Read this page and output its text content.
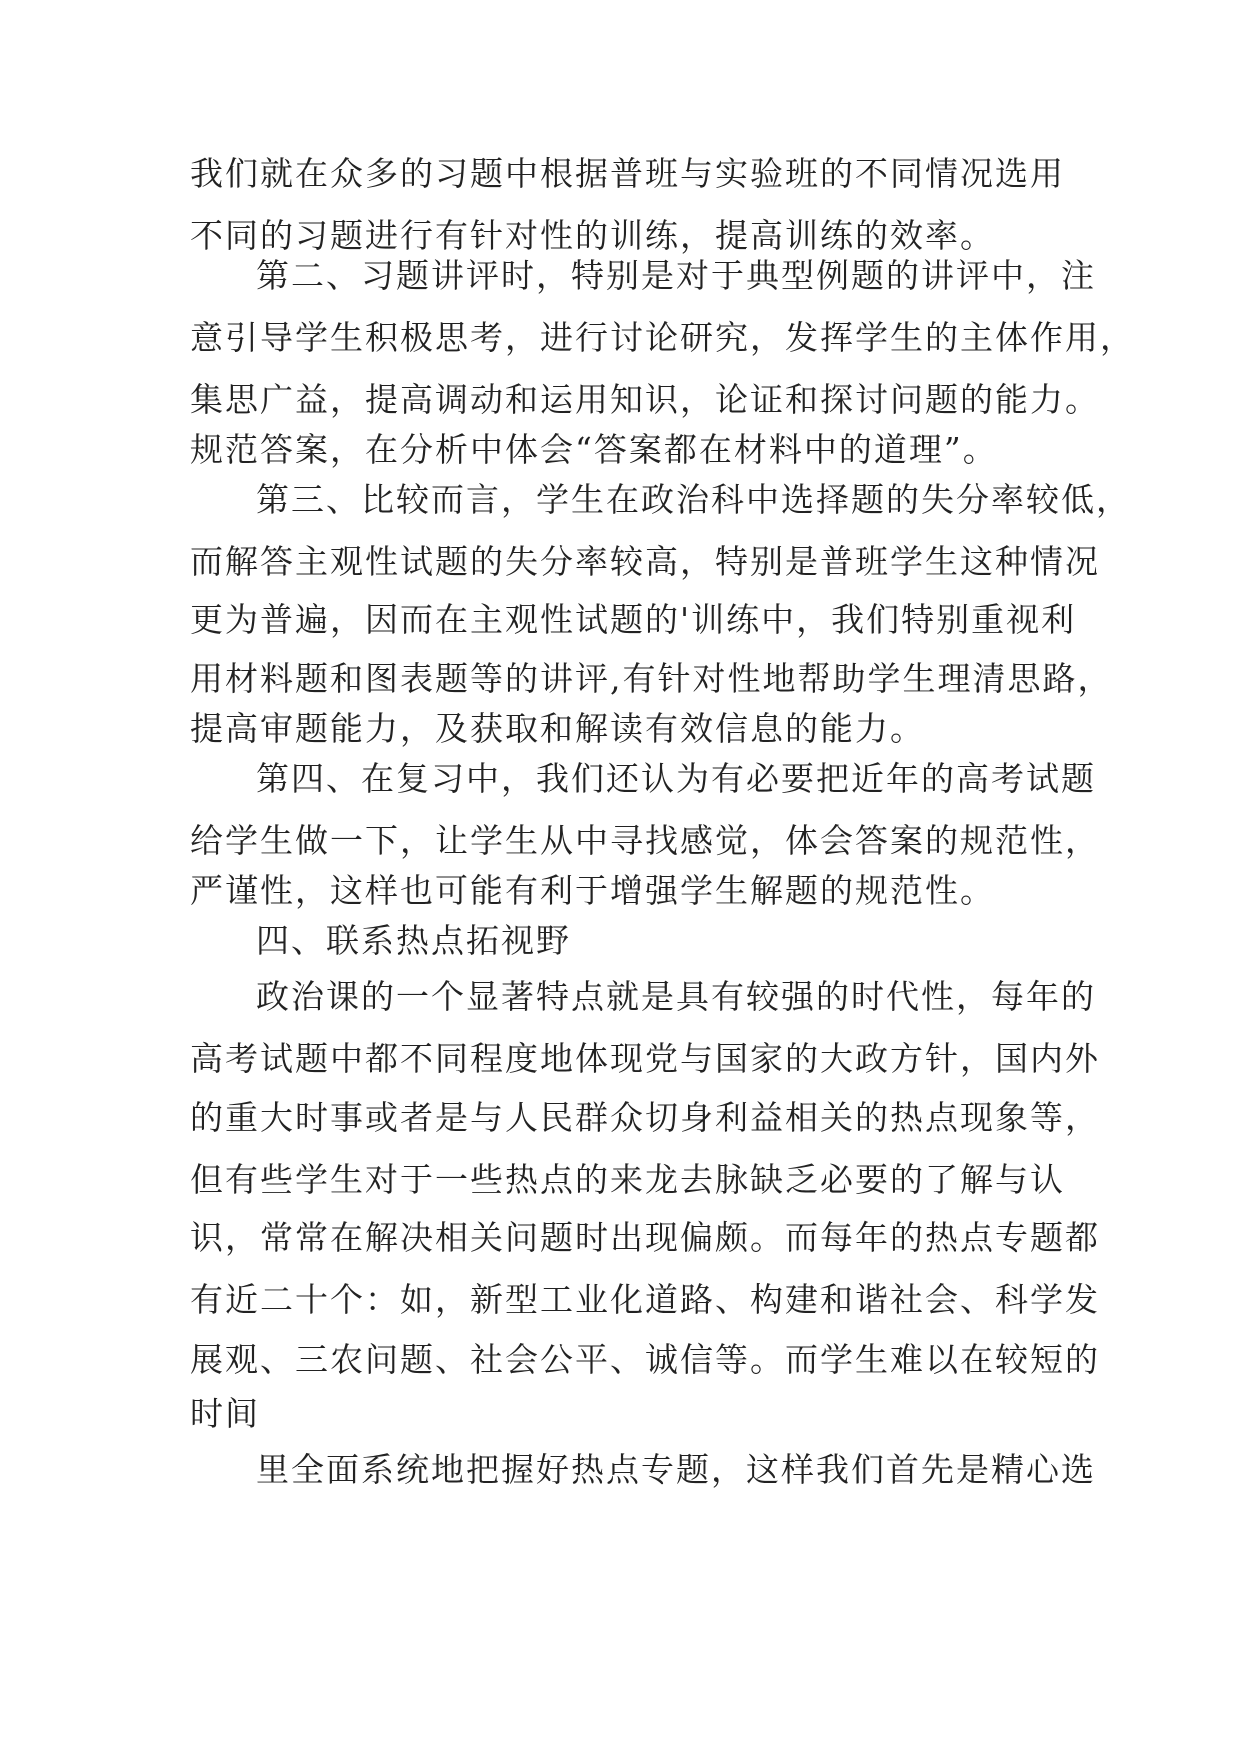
我们就在众多的习题中根据普班与实验班的不同情况选用
不同的习题进行有针对性的训练，提高训练的效率。
第二、习题讲评时，特别是对于典型例题的讲评中，注
意引导学生积极思考，进行讨论研究，发挥学生的主体作用，
集思广益，提高调动和运用知识，论证和探讨问题的能力。
规范答案，在分析中体会“答案都在材料中的道理”。
第三、比较而言，学生在政治科中选择题的失分率较低，
而解答主观性试题的失分率较高，特别是普班学生这种情况
更为普遍，因而在主观性试题的'训练中，我们特别重视利
用材料题和图表题等的讲评,有针对性地帮助学生理清思路，
提高审题能力，及获取和解读有效信息的能力。
第四、在复习中，我们还认为有必要把近年的高考试题
给学生做一下，让学生从中寻找感觉，体会答案的规范性，
严谨性，这样也可能有利于增强学生解题的规范性。
四、联系热点拓视野
政治课的一个显著特点就是具有较强的时代性，每年的
高考试题中都不同程度地体现党与国家的大政方针，国内外
的重大时事或者是与人民群众切身利益相关的热点现象等，
但有些学生对于一些热点的来龙去脉缺乏必要的了解与认
识，常常在解决相关问题时出现偏颇。而每年的热点专题都
有近二十个：如，新型工业化道路、构建和谐社会、科学发
展观、三农问题、社会公平、诚信等。而学生难以在较短的
时间
里全面系统地把握好热点专题，这样我们首先是精心选
